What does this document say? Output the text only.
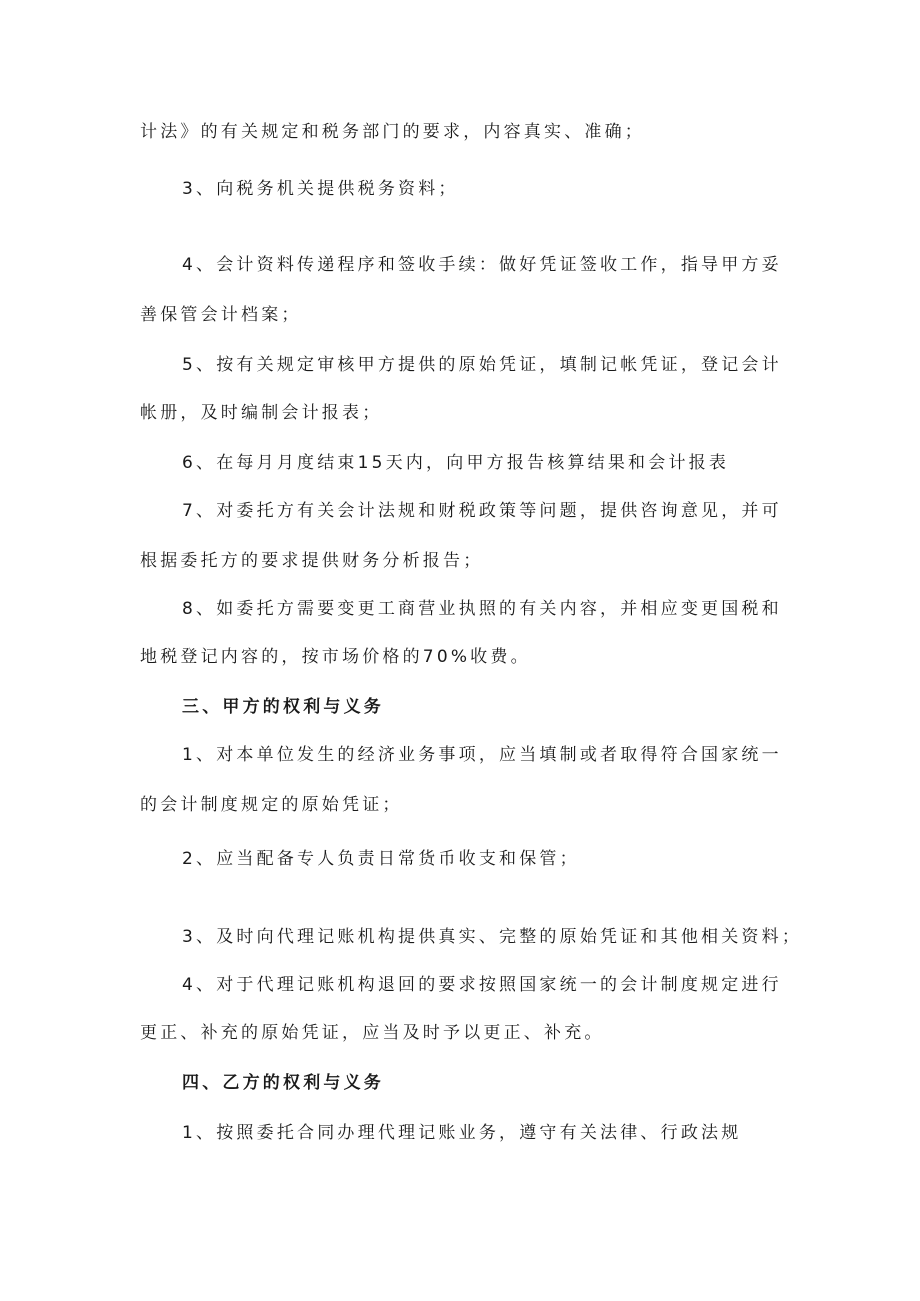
计法》的有关规定和税务部门的要求，内容真实、准确；
3、向税务机关提供税务资料；
4、会计资料传递程序和签收手续：做好凭证签收工作，指导甲方妥
善保管会计档案；
5、按有关规定审核甲方提供的原始凭证，填制记帐凭证，登记会计
帐册，及时编制会计报表；
6、在每月月度结束15天内，向甲方报告核算结果和会计报表
7、对委托方有关会计法规和财税政策等问题，提供咨询意见，并可
根据委托方的要求提供财务分析报告；
8、如委托方需要变更工商营业执照的有关内容，并相应变更国税和
地税登记内容的，按市场价格的70%收费。
三、甲方的权利与义务
1、对本单位发生的经济业务事项，应当填制或者取得符合国家统一
的会计制度规定的原始凭证；
2、应当配备专人负责日常货币收支和保管；
3、及时向代理记账机构提供真实、完整的原始凭证和其他相关资料；
4、对于代理记账机构退回的要求按照国家统一的会计制度规定进行
更正、补充的原始凭证，应当及时予以更正、补充。
四、乙方的权利与义务
1、按照委托合同办理代理记账业务，遵守有关法律、行政法规
